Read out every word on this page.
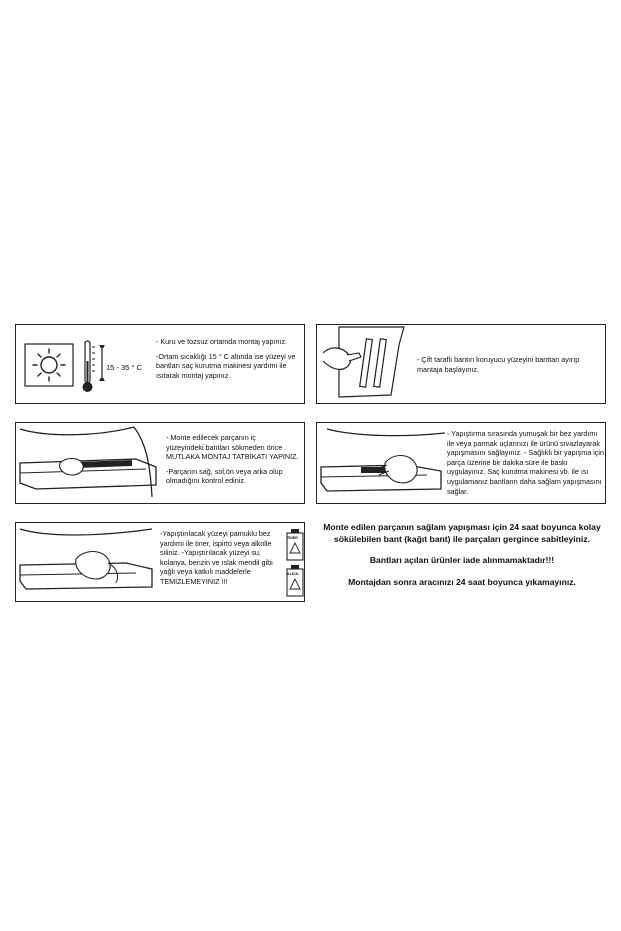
15 - 35 ° C

- Kuru ve tozsuz ortamda montaj yapınız.

-Ortam sıcaklığı 15 ° C altında ise yüzeyi ve
bantları saç kurutma makinesi yardımı ile
ısıtarak montaj yapınız.

- Çift taraflı bantın koruyucu yüzeyini banttan ayırıp mantaja başlayınız.

- Monte edilecek parçanın iç
yüzeyindeki bantları sökmeden önce
MUTLAKA MONTAJ TATBİKATI YAPINIZ.

-Parçanın sağ, sol,ön veya arka olup
olmadığını kontrol ediniz.

- Yapıştırma sırasında yumuşak bir bez yardımı ile veya parmak uçlarınızı ile ürünü sıvazlayarak yapışmasını sağlayınız. - Sağlıklı bir yapışma için parça üzerine bir dakika süre ile baskı uygulayınız. Saç kurutma makinesi vb. ile ısı uygulamanız bantların daha sağlam yapışmasını sağlar.
-Yapıştırılacak yüzeyi pamuklu bez yardımı ile tiner, ispirto veya alkolle siliniz. -Yapıştırılacak yüzeyi su, kolanya, benzin ve ıslak mendil gibi yağlı veya katkılı maddelerle TEMİZLEMEYİNİZ !!!
TİNER
ALKOL

Monte edilen parçanın sağlam yapışması için 24 saat boyunca kolay sökülebilen bant (kağıt bant) ile parçaları gergince sabitleyiniz.

Bantları açılan ürünler iade alınmamaktadır!!!

Montajdan sonra aracınızı 24 saat boyunca yıkamayınız.
